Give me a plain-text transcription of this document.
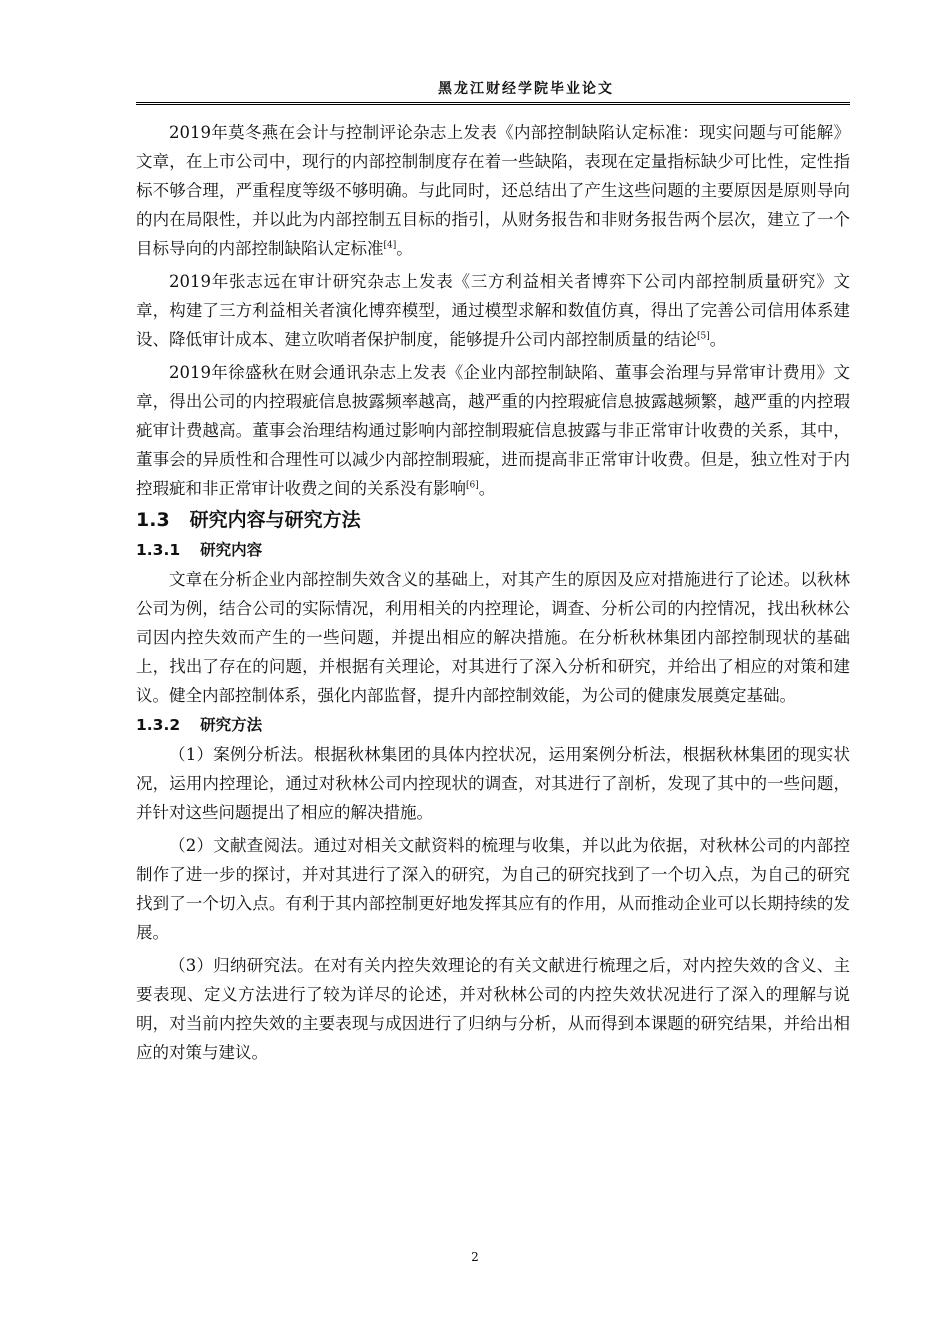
黑龙江财经学院毕业论文

2019年莫冬燕在会计与控制评论杂志上发表《内部控制缺陷认定标准：现实问题与可能解》文章，在上市公司中，现行的内部控制制度存在着一些缺陷，表现在定量指标缺少可比性，定性指标不够合理，严重程度等级不够明确。与此同时，还总结出了产生这些问题的主要原因是原则导向的内在局限性，并以此为内部控制五目标的指引，从财务报告和非财务报告两个层次，建立了一个目标导向的内部控制缺陷认定标准[4]。

2019年张志远在审计研究杂志上发表《三方利益相关者博弈下公司内部控制质量研究》文章，构建了三方利益相关者演化博弈模型，通过模型求解和数值仿真，得出了完善公司信用体系建设、降低审计成本、建立吹哨者保护制度，能够提升公司内部控制质量的结论[5]。

2019年徐盛秋在财会通讯杂志上发表《企业内部控制缺陷、董事会治理与异常审计费用》文章，得出公司的内控瑕疵信息披露频率越高，越严重的内控瑕疵信息披露越频繁，越严重的内控瑕疵审计费越高。董事会治理结构通过影响内部控制瑕疵信息披露与非正常审计收费的关系，其中，董事会的异质性和合理性可以减少内部控制瑕疵，进而提高非正常审计收费。但是，独立性对于内控瑕疵和非正常审计收费之间的关系没有影响[6]。

1.3 研究内容与研究方法
1.3.1 研究内容

文章在分析企业内部控制失效含义的基础上，对其产生的原因及应对措施进行了论述。以秋林公司为例，结合公司的实际情况，利用相关的内控理论，调查、分析公司的内控情况，找出秋林公司因内控失效而产生的一些问题，并提出相应的解决措施。在分析秋林集团内部控制现状的基础上，找出了存在的问题，并根据有关理论，对其进行了深入分析和研究，并给出了相应的对策和建议。健全内部控制体系，强化内部监督，提升内部控制效能，为公司的健康发展奠定基础。

1.3.2 研究方法

（1）案例分析法。根据秋林集团的具体内控状况，运用案例分析法，根据秋林集团的现实状况，运用内控理论，通过对秋林公司内控现状的调查，对其进行了剖析，发现了其中的一些问题，并针对这些问题提出了相应的解决措施。

（2）文献查阅法。通过对相关文献资料的梳理与收集，并以此为依据，对秋林公司的内部控制作了进一步的探讨，并对其进行了深入的研究，为自己的研究找到了一个切入点，为自己的研究找到了一个切入点。有利于其内部控制更好地发挥其应有的作用，从而推动企业可以长期持续的发展。

（3）归纳研究法。在对有关内控失效理论的有关文献进行梳理之后，对内控失效的含义、主要表现、定义方法进行了较为详尽的论述，并对秋林公司的内控失效状况进行了深入的理解与说明，对当前内控失效的主要表现与成因进行了归纳与分析，从而得到本课题的研究结果，并给出相应的对策与建议。

2
